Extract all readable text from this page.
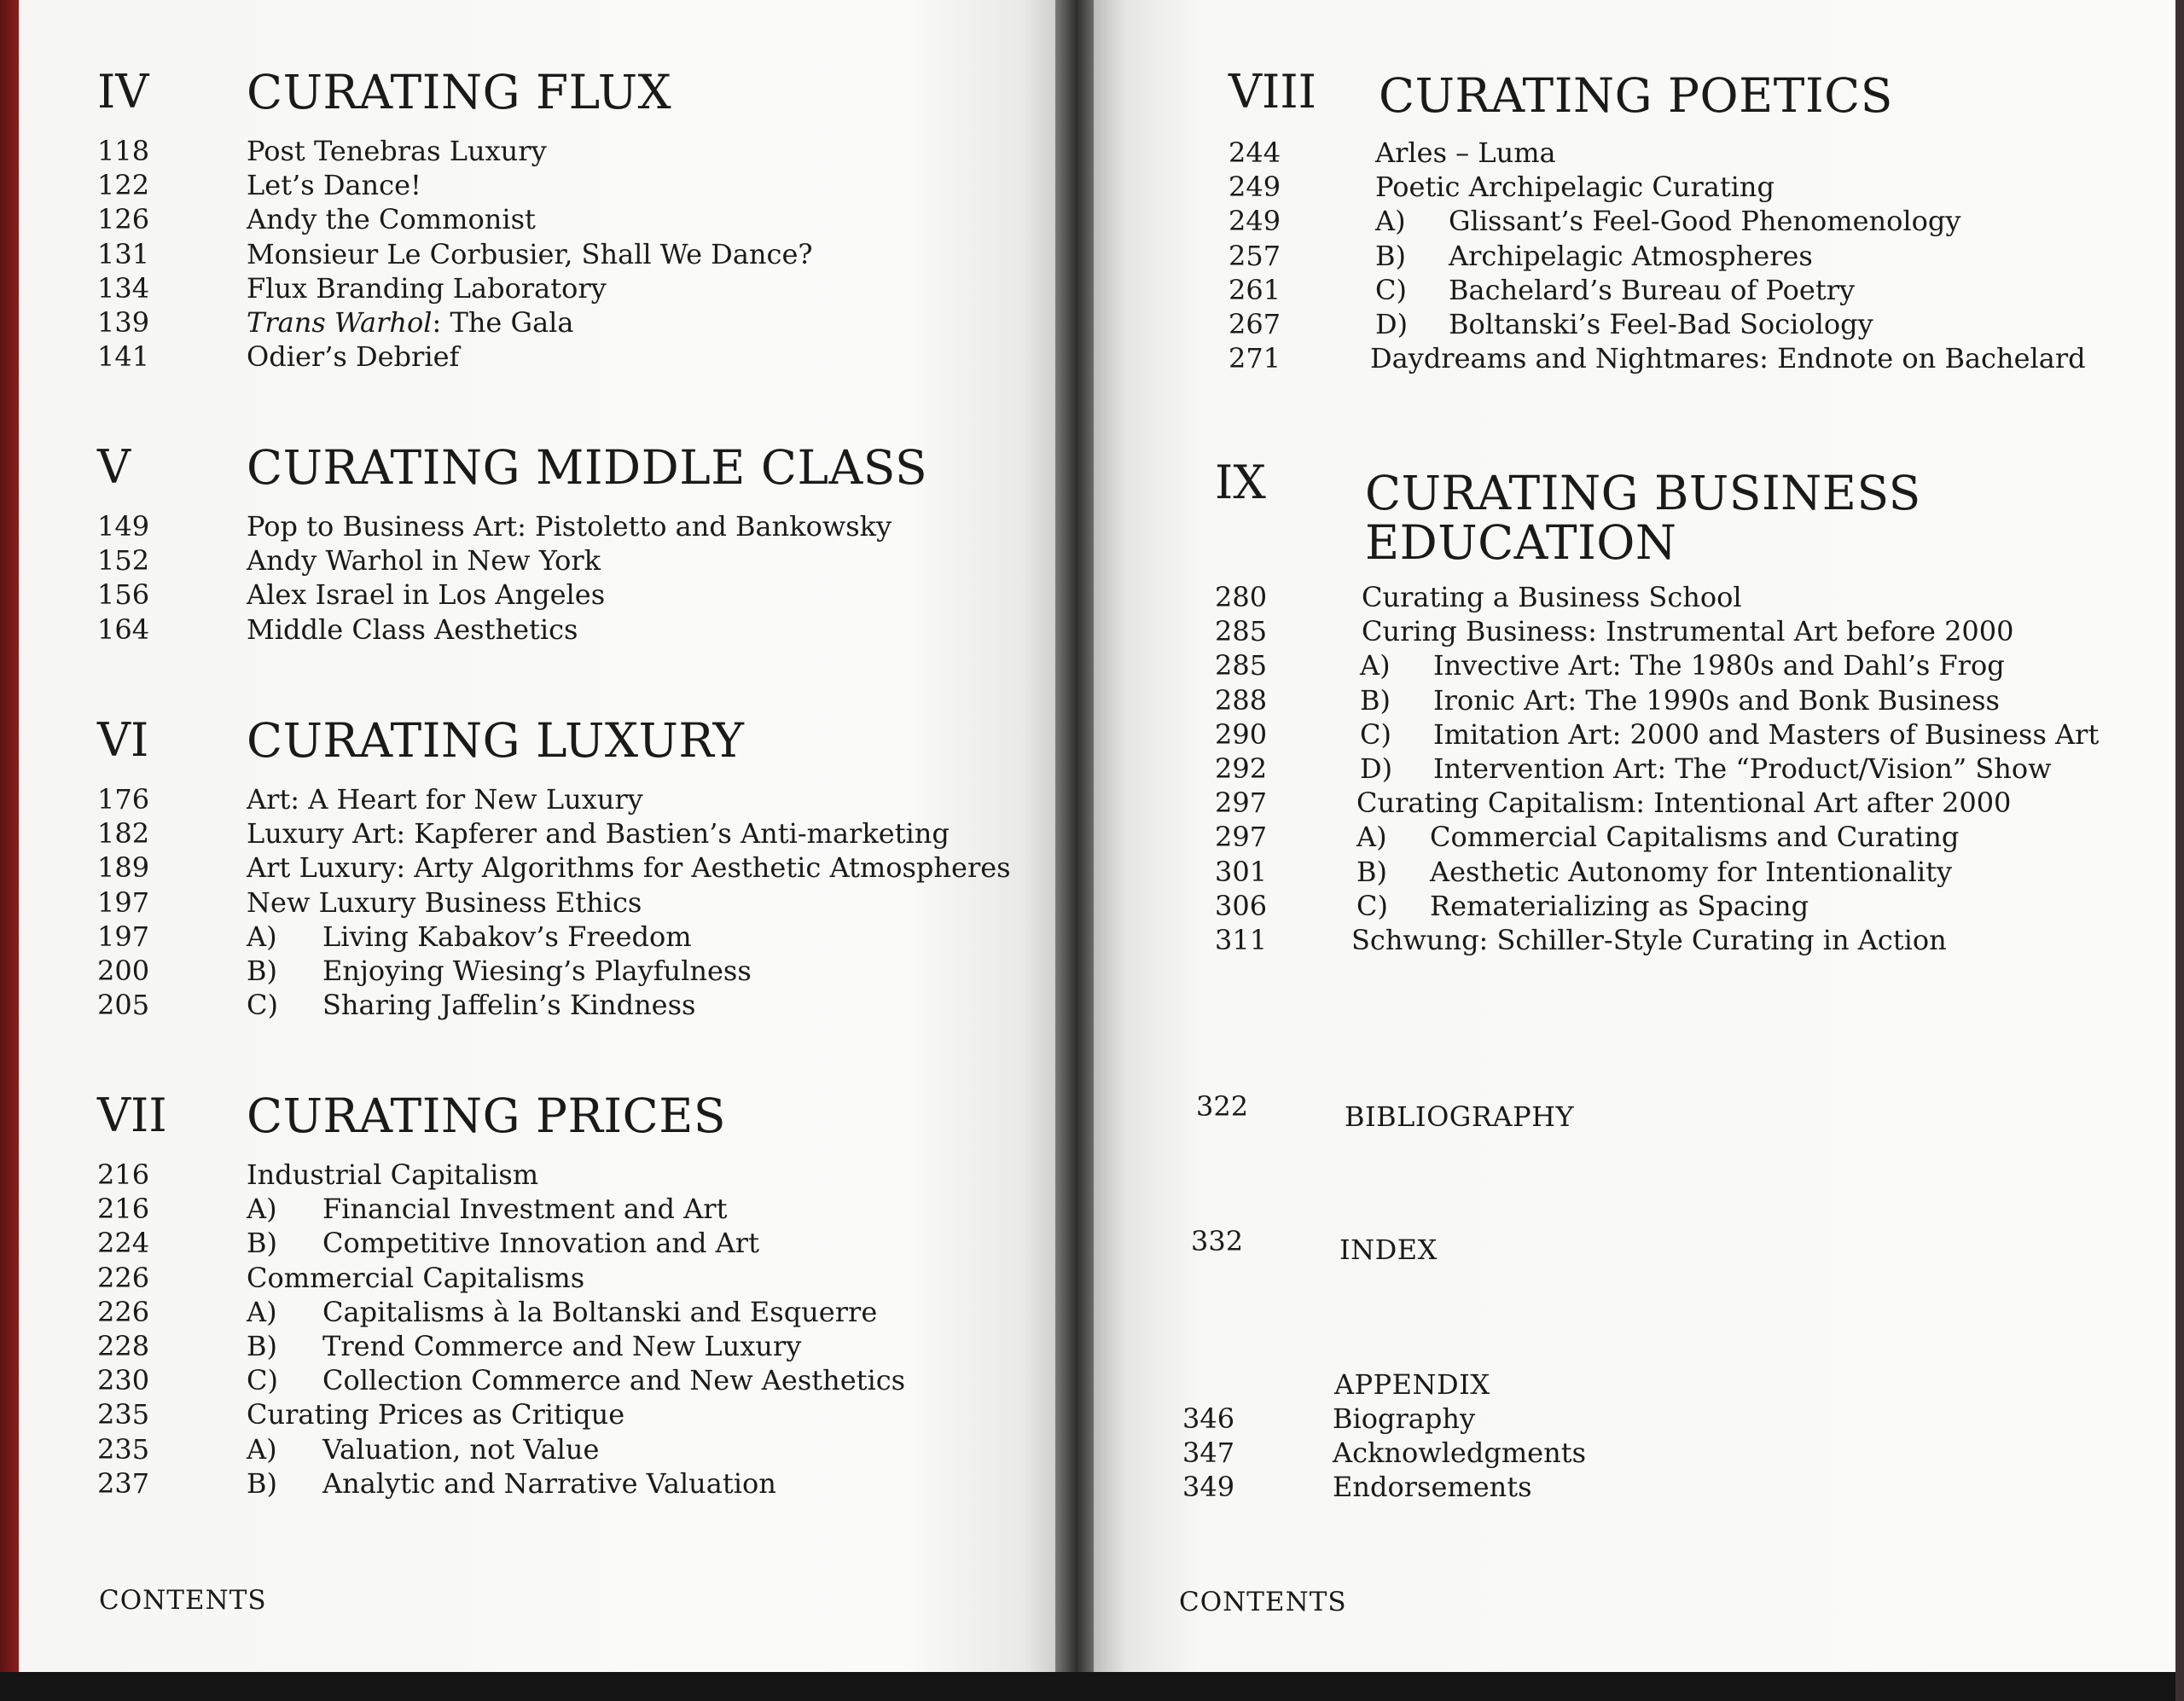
IV CURATING FLUX
118	Post Tenebras Luxury
122	Let’s Dance!
126	Andy the Commonist
131	Monsieur Le Corbusier, Shall We Dance?
134	Flux Branding Laboratory
139	Trans Warhol: The Gala
141	Odier’s Debrief
V CURATING MIDDLE CLASS
149	Pop to Business Art: Pistoletto and Bankowsky
152	Andy Warhol in New York
156	Alex Israel in Los Angeles
164	Middle Class Aesthetics
VI CURATING LUXURY
176	Art: A Heart for New Luxury
182	Luxury Art: Kapferer and Bastien’s Anti-marketing
189	Art Luxury: Arty Algorithms for Aesthetic Atmospheres
197	New Luxury Business Ethics
197	A) Living Kabakov’s Freedom
200	B) Enjoying Wiesing’s Playfulness
205	C) Sharing Jaffelin’s Kindness
VII CURATING PRICES
216	Industrial Capitalism
216	A) Financial Investment and Art
224	B) Competitive Innovation and Art
226	Commercial Capitalisms
226	A) Capitalisms à la Boltanski and Esquerre
228	B) Trend Commerce and New Luxury
230	C) Collection Commerce and New Aesthetics
235	Curating Prices as Critique
235	A) Valuation, not Value
237	B) Analytic and Narrative Valuation
CONTENTS
VIII CURATING POETICS
244	Arles – Luma
249	Poetic Archipelagic Curating
249	A) Glissant’s Feel-Good Phenomenology
257	B) Archipelagic Atmospheres
261	C) Bachelard’s Bureau of Poetry
267	D) Boltanski’s Feel-Bad Sociology
271	Daydreams and Nightmares: Endnote on Bachelard
IX CURATING BUSINESS
EDUCATION
280	Curating a Business School
285	Curing Business: Instrumental Art before 2000
285	A) Invective Art: The 1980s and Dahl’s Frog
288	B) Ironic Art: The 1990s and Bonk Business
290	C) Imitation Art: 2000 and Masters of Business Art
292	D) Intervention Art: The “Product/Vision” Show
297	Curating Capitalism: Intentional Art after 2000
297	A) Commercial Capitalisms and Curating
301	B) Aesthetic Autonomy for Intentionality
306	C) Rematerializing as Spacing
311	Schwung: Schiller-Style Curating in Action
322	BIBLIOGRAPHY
332	INDEX
APPENDIX
346	Biography
347	Acknowledgments
349	Endorsements
CONTENTS
